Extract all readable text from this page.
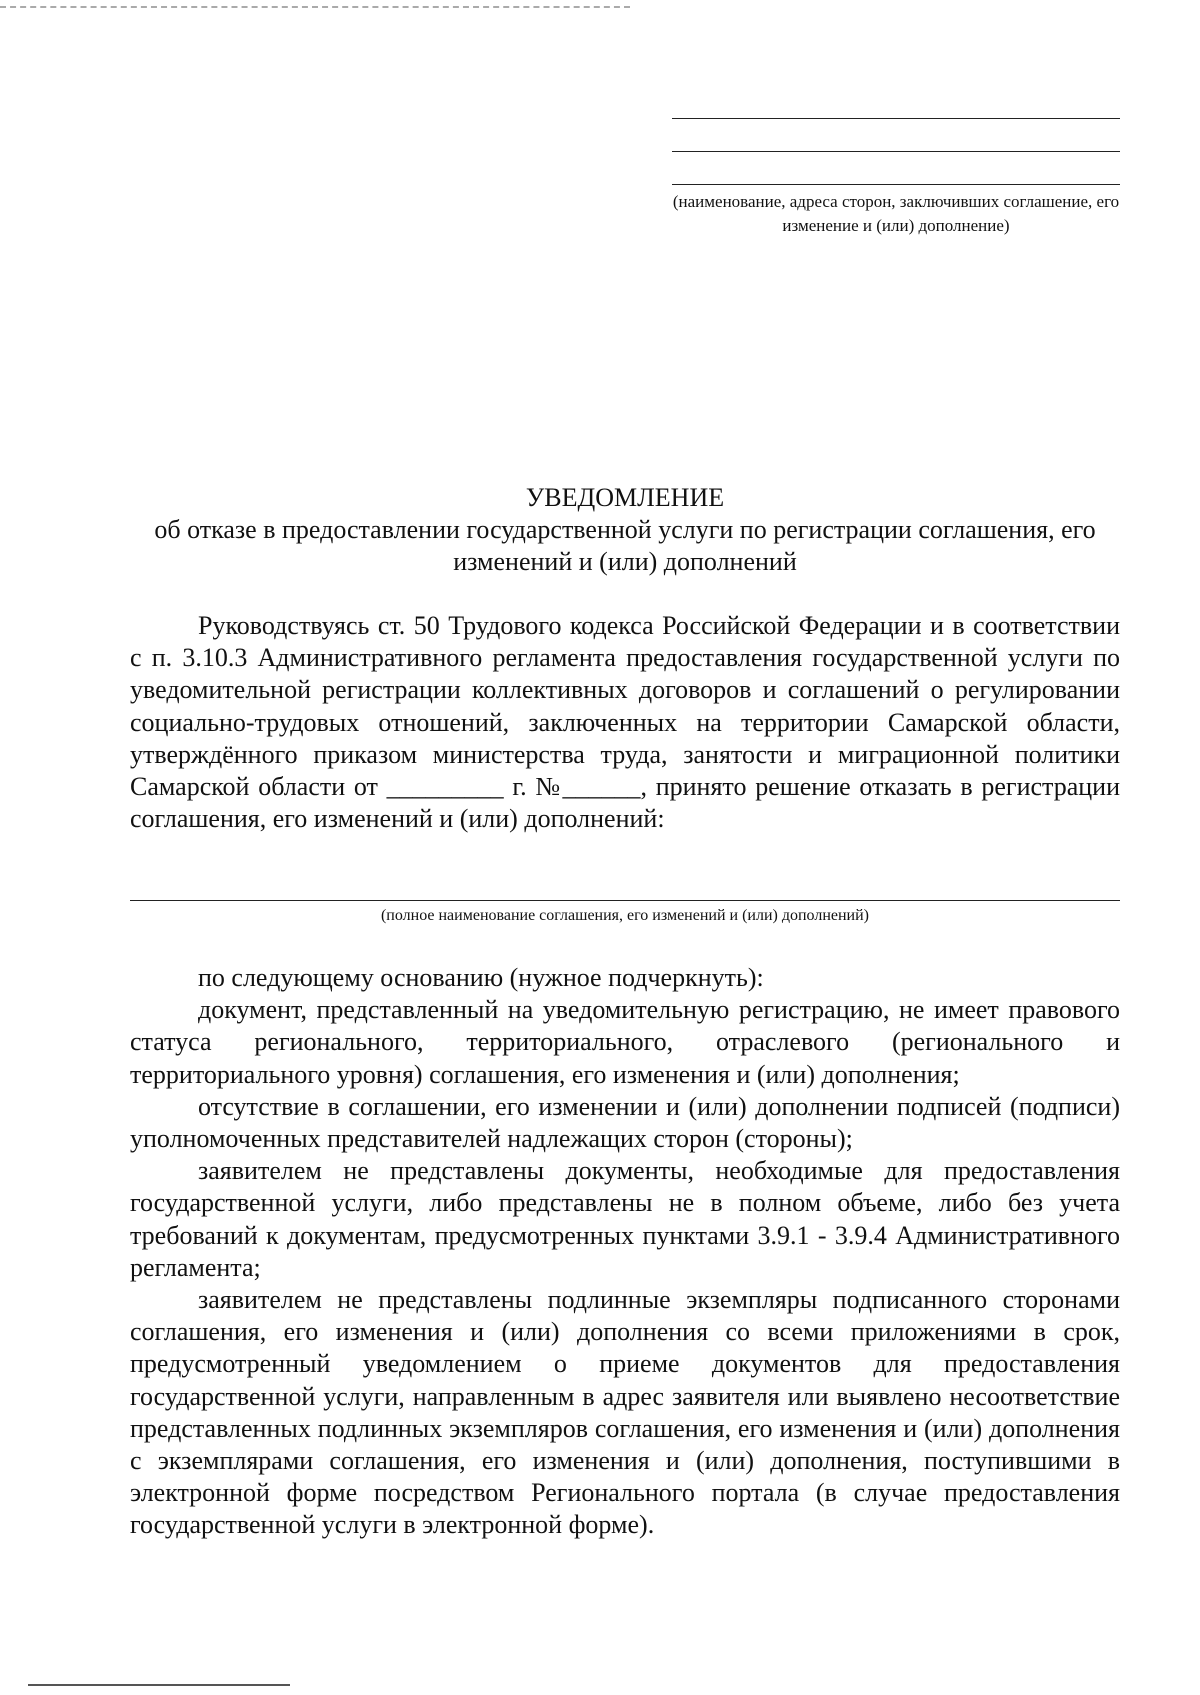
(наименование, адреса сторон, заключивших соглашение, его изменение и (или) дополнение)
УВЕДОМЛЕНИЕ
об отказе в предоставлении государственной услуги по регистрации соглашения, его изменений и (или) дополнений

Руководствуясь ст. 50 Трудового кодекса Российской Федерации и в соответствии с п. 3.10.3 Административного регламента предоставления государственной услуги по уведомительной регистрации коллективных договоров и соглашений о регулировании социально-трудовых отношений, заключенных на территории Самарской области, утверждённого приказом министерства труда, занятости и миграционной политики Самарской области от _________ г. №______, принято решение отказать в регистрации соглашения, его изменений и (или) дополнений:

(полное наименование соглашения, его изменений и (или) дополнений)

по следующему основанию (нужное подчеркнуть):

документ, представленный на уведомительную регистрацию, не имеет правового статуса регионального, территориального, отраслевого (регионального и территориального уровня) соглашения, его изменения и (или) дополнения;

отсутствие в соглашении, его изменении и (или) дополнении подписей (подписи) уполномоченных представителей надлежащих сторон (стороны);

заявителем не представлены документы, необходимые для предоставления государственной услуги, либо представлены не в полном объеме, либо без учета требований к документам, предусмотренных пунктами 3.9.1 - 3.9.4 Административного регламента;

заявителем не представлены подлинные экземпляры подписанного сторонами соглашения, его изменения и (или) дополнения со всеми приложениями в срок, предусмотренный уведомлением о приеме документов для предоставления государственной услуги, направленным в адрес заявителя или выявлено несоответствие представленных подлинных экземпляров соглашения, его изменения и (или) дополнения с экземплярами соглашения, его изменения и (или) дополнения, поступившими в электронной форме посредством Регионального портала (в случае предоставления государственной услуги в электронной форме).
